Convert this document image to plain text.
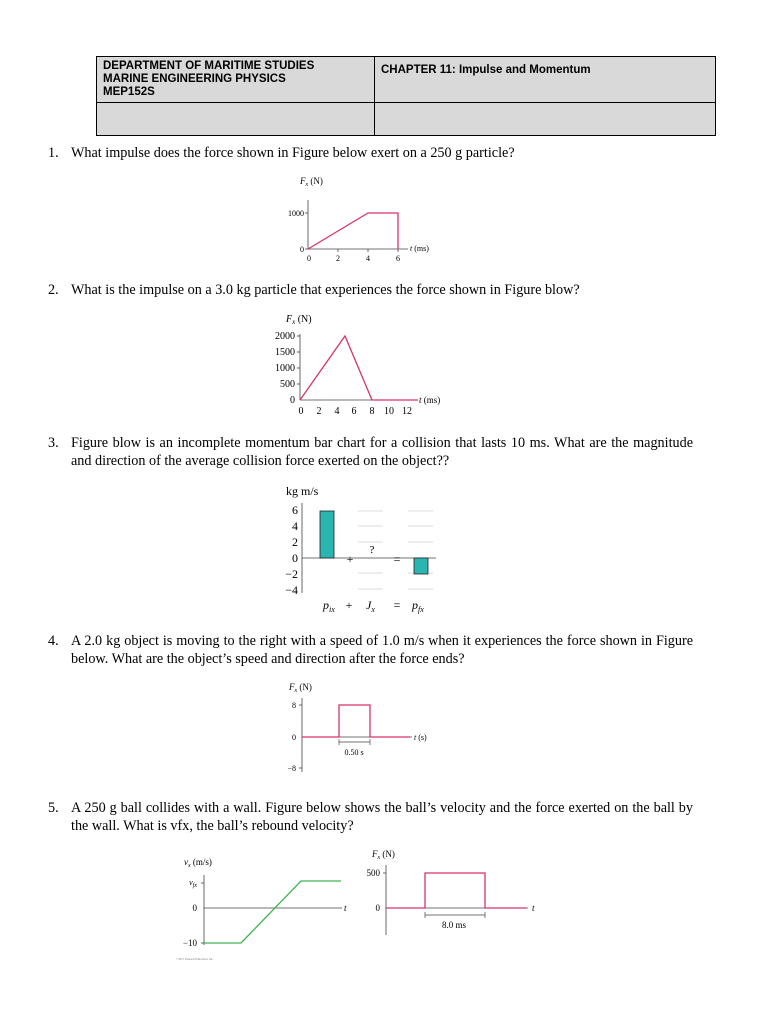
DEPARTMENT OF MARITIME STUDIES
MARINE ENGINEERING PHYSICS
MEP152S	CHAPTER 11: Impulse and Momentum

1. What impulse does the force shown in Figure below exert on a 250 g particle?
$F_x$ (N)
1000
0
0	2	4	6
t (ms)
2. What is the impulse on a 3.0 kg particle that experiences the force shown in Figure blow?
$F_x$ (N)
2000
1500
1000
500
0
0 2 4 6 8 10 12
t (ms)
3. Figure blow is an incomplete momentum bar chart for a collision that lasts 10 ms. What are the magnitude and direction of the average collision force exerted on the object??
kg m/s
6
4
2
0
−2
−4
+
?
=
$p_{ix} + J_x = p_{fx}$
4. A 2.0 kg object is moving to the right with a speed of 1.0 m/s when it experiences the force shown in Figure below. What are the object’s speed and direction after the force ends?
$F_x$ (N)
8
0
−8
t (s)
0.50 s
5. A 250 g ball collides with a wall. Figure below shows the ball’s velocity and the force exerted on the ball by the wall. What is vfx, the ball’s rebound velocity?
$v_x$ (m/s)
$v_{fx}$
0
−10
t
©2017 Pearson Education, Inc.
$F_x$ (N)
500
0	t
8.0 ms
